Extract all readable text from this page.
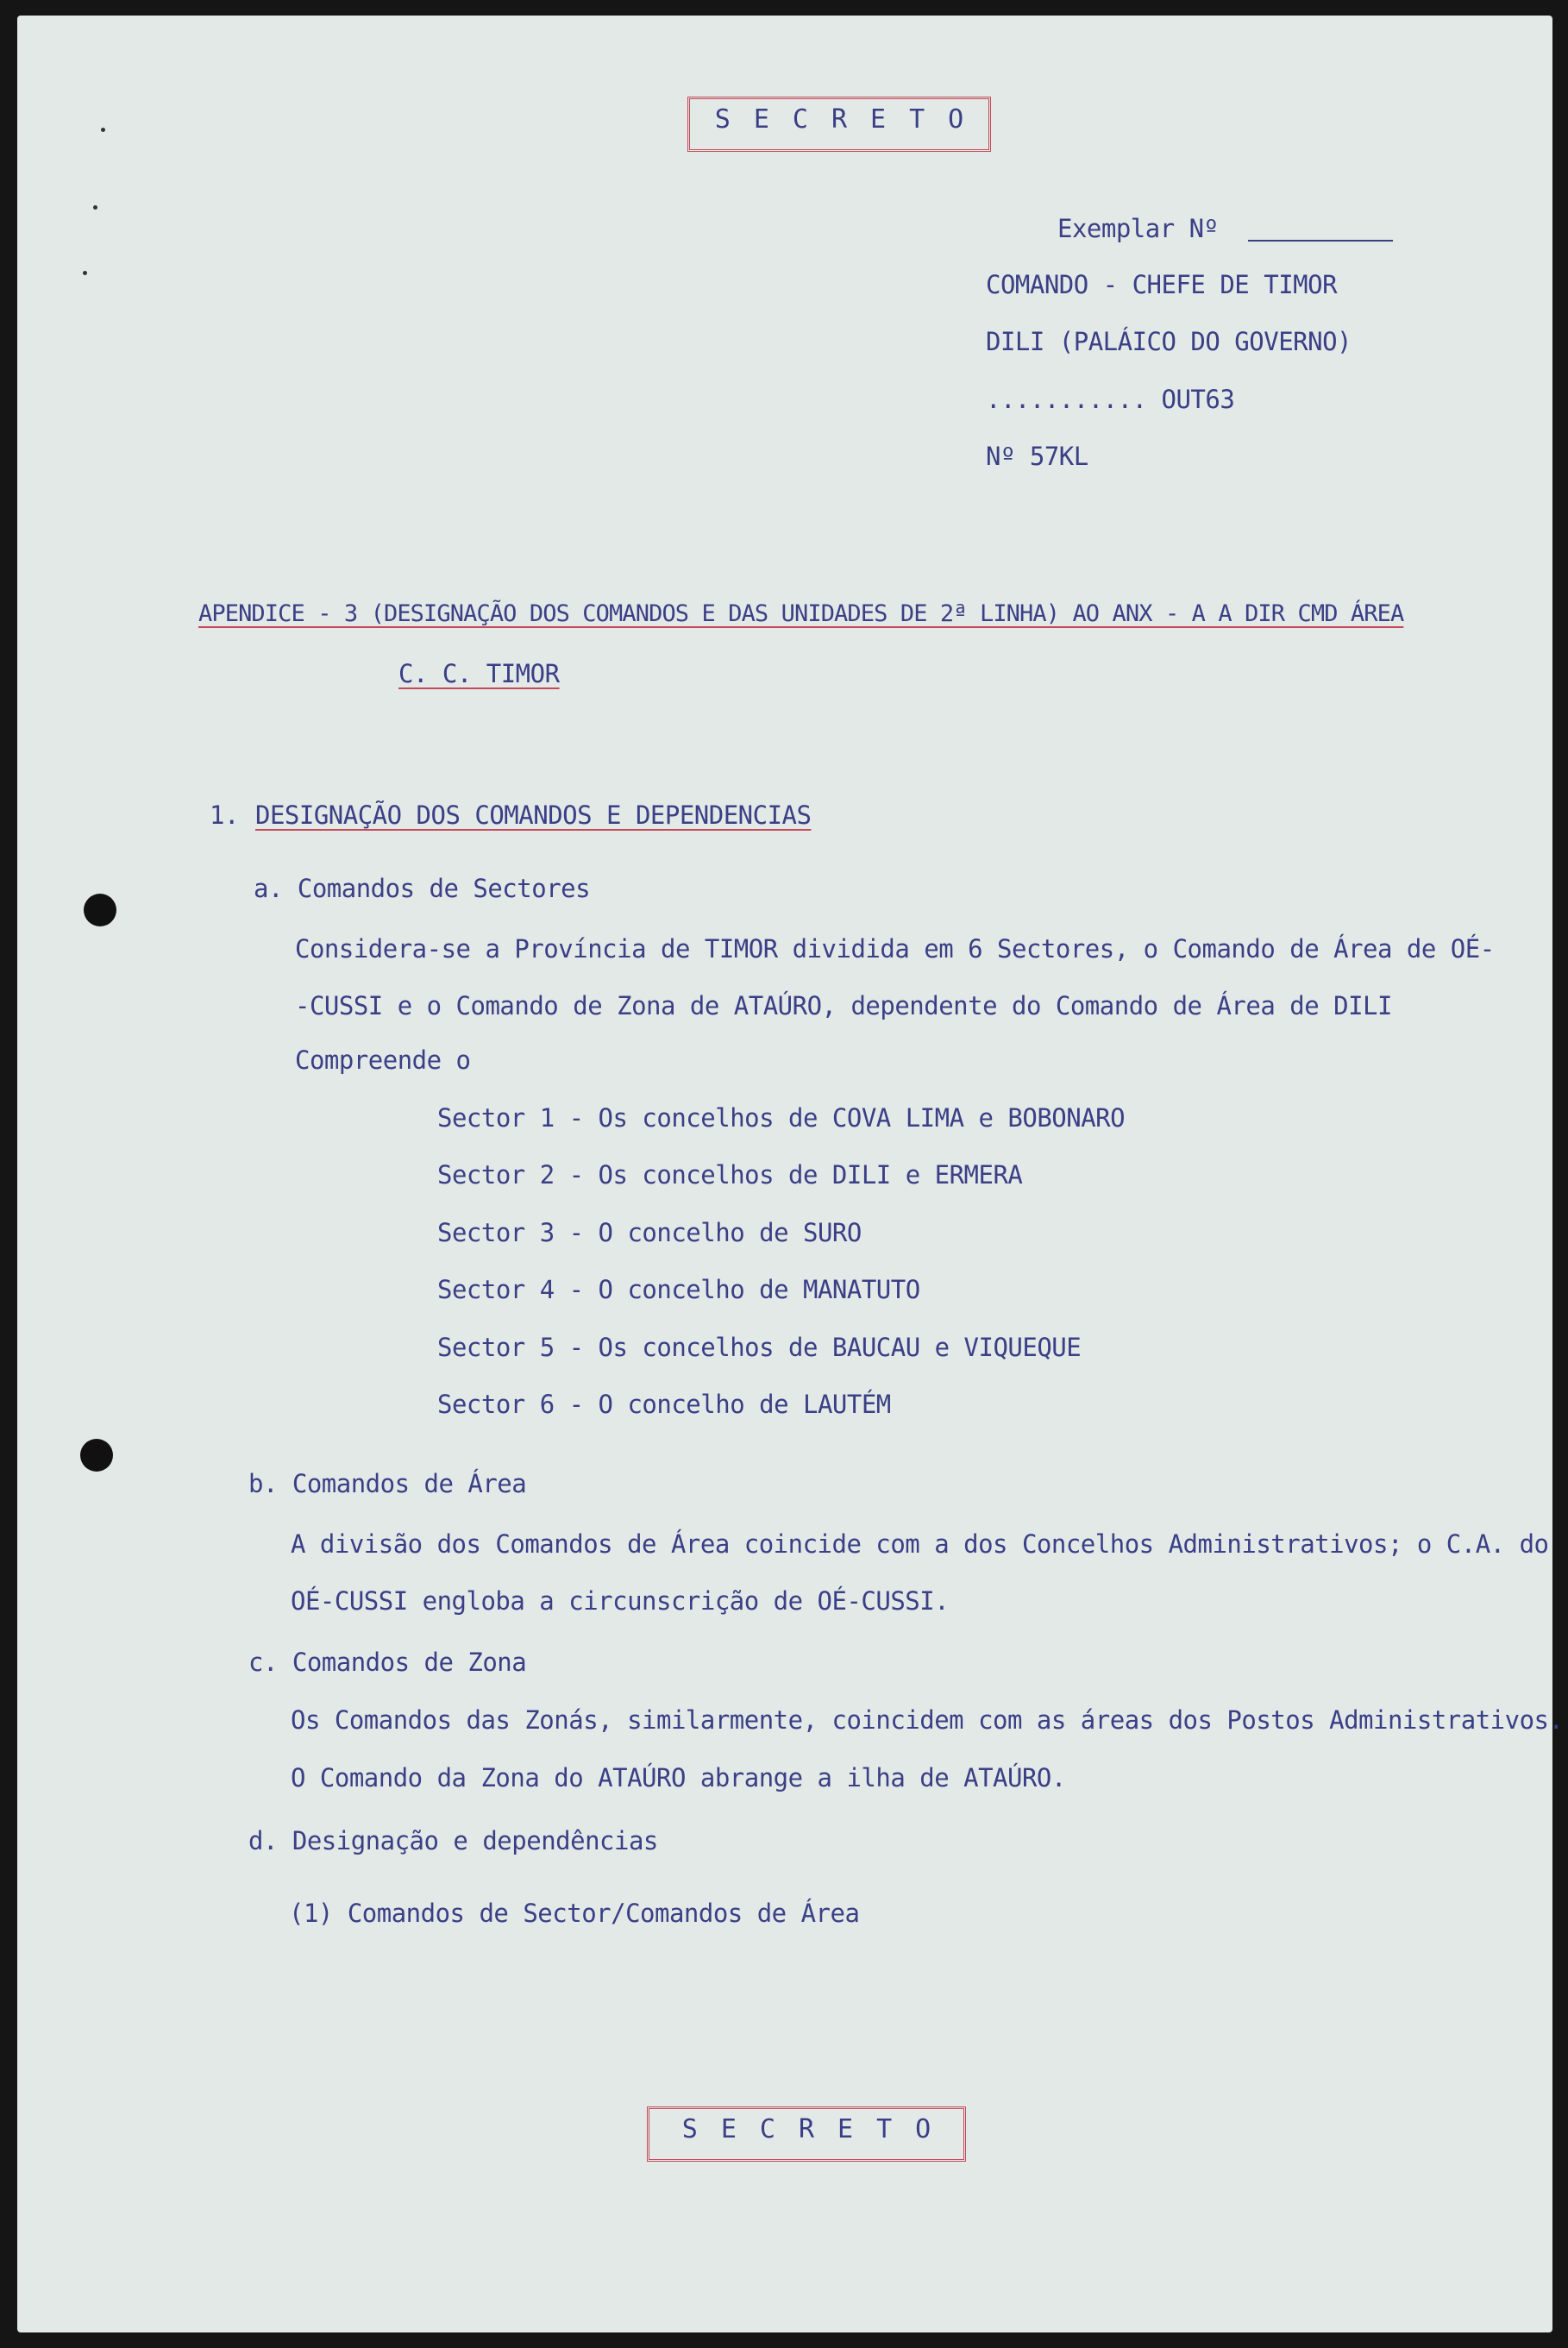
SECRETO
Exemplar Nº
COMANDO - CHEFE DE TIMOR
DILI (PALÁICO DO GOVERNO)
........... OUT63
Nº 57KL
APENDICE - 3 (DESIGNAÇÃO DOS COMANDOS E DAS UNIDADES DE 2ª LINHA) AO ANX - A A DIR CMD ÁREA
C. C. TIMOR
1. DESIGNAÇÃO DOS COMANDOS E DEPENDENCIAS
a. Comandos de Sectores
Considera-se a Província de TIMOR dividida em 6 Sectores, o Comando de Área de OÉ-
-CUSSI e o Comando de Zona de ATAÚRO, dependente do Comando de Área de DILI
Compreende o
Sector 1 - Os concelhos de COVA LIMA e BOBONARO
Sector 2 - Os concelhos de DILI e ERMERA
Sector 3 - O concelho de SURO
Sector 4 - O concelho de MANATUTO
Sector 5 - Os concelhos de BAUCAU e VIQUEQUE
Sector 6 - O concelho de LAUTÉM
b. Comandos de Área
A divisão dos Comandos de Área coincide com a dos Concelhos Administrativos; o C.A. do
OÉ-CUSSI engloba a circunscrição de OÉ-CUSSI.
c. Comandos de Zona
Os Comandos das Zonás, similarmente, coincidem com as áreas dos Postos Administrativos.
O Comando da Zona do ATAÚRO abrange a ilha de ATAÚRO.
d. Designação e dependências
(1) Comandos de Sector/Comandos de Área
SECRETO
